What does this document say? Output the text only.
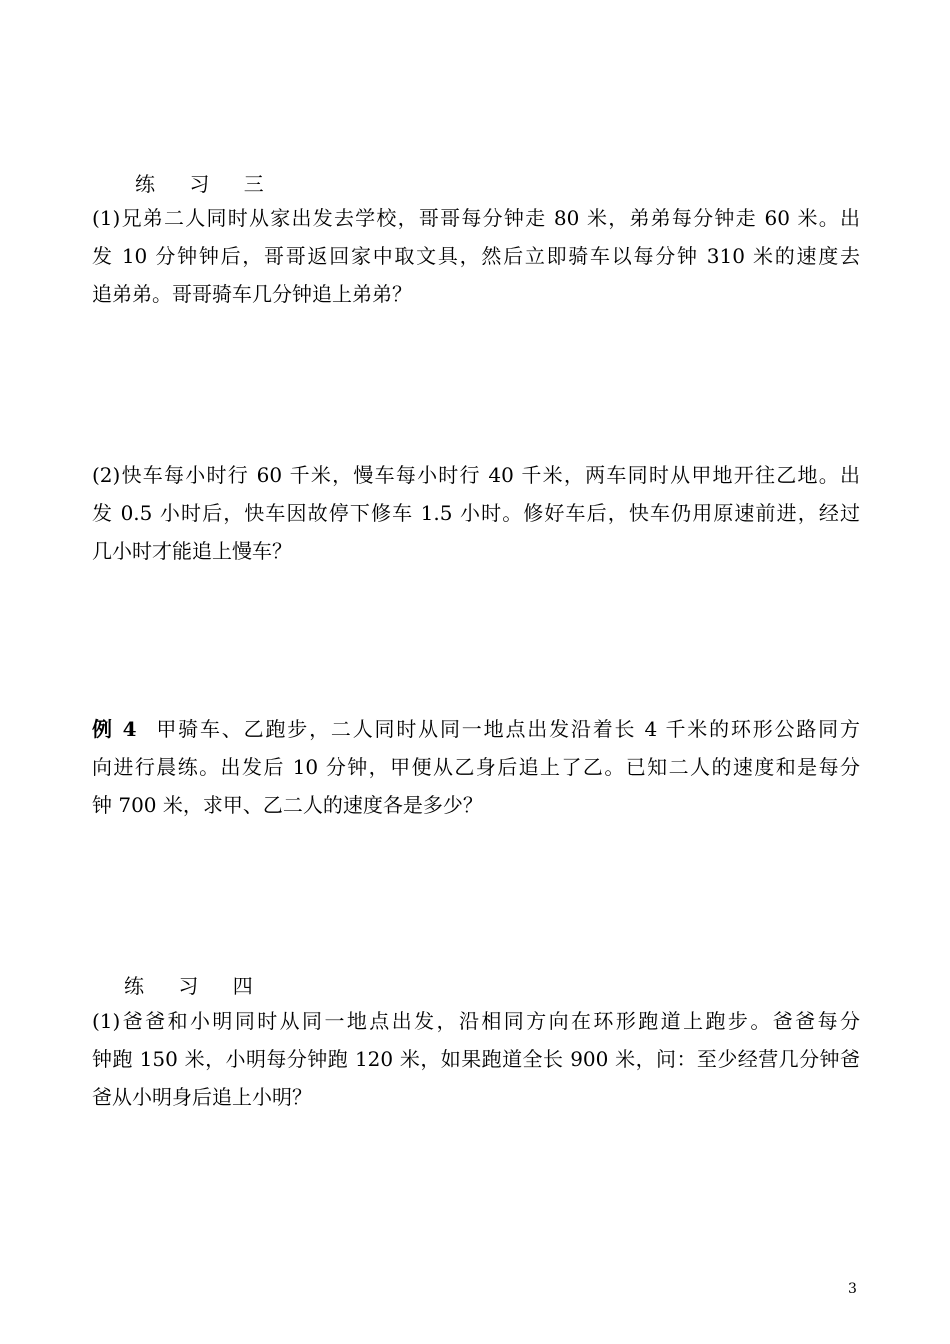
练 习 三
(1)兄弟二人同时从家出发去学校，哥哥每分钟走 80 米，弟弟每分钟走 60 米。出
发 10 分钟钟后，哥哥返回家中取文具，然后立即骑车以每分钟 310 米的速度去
追弟弟。哥哥骑车几分钟追上弟弟？
(2)快车每小时行 60 千米，慢车每小时行 40 千米，两车同时从甲地开往乙地。出
发 0.5 小时后，快车因故停下修车 1.5 小时。修好车后，快车仍用原速前进，经过
几小时才能追上慢车？
例 4 甲骑车、乙跑步，二人同时从同一地点出发沿着长 4 千米的环形公路同方
向进行晨练。出发后 10 分钟，甲便从乙身后追上了乙。已知二人的速度和是每分
钟 700 米，求甲、乙二人的速度各是多少？
练 习 四
(1)爸爸和小明同时从同一地点出发，沿相同方向在环形跑道上跑步。爸爸每分
钟跑 150 米，小明每分钟跑 120 米，如果跑道全长 900 米，问：至少经营几分钟爸
爸从小明身后追上小明？
3
